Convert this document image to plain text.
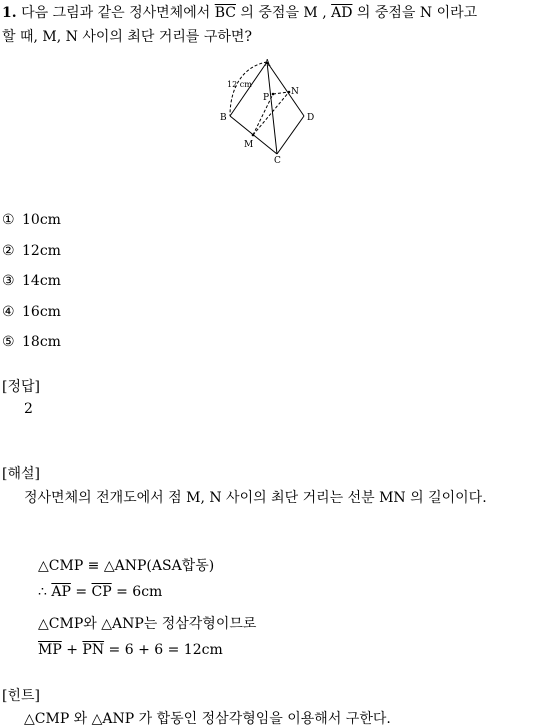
1. 다음 그림과 같은 정사면체에서 $\overline{BC}$ 의 중점을 M , $\overline{AD}$ 의 중점을 N 이라고
할 때, M, N 사이의 최단 거리를 구하면?
A
B
C
D
M
N
P
12 cm
① 10cm
② 12cm
③ 14cm
④ 16cm
⑤ 18cm
[정답]
2
[해설]
정사면체의 전개도에서 점 M, N 사이의 최단 거리는 선분 MN 의 길이이다.
△CMP ≡ △ANP(ASA합동)
∴ $\overline{AP} = \overline{CP} = 6cm$
△CMP와 △ANP는 정삼각형이므로
$\overline{MP} + \overline{PN} = 6 + 6 = 12cm$
[힌트]
△CMP 와 △ANP 가 합동인 정삼각형임을 이용해서 구한다.
